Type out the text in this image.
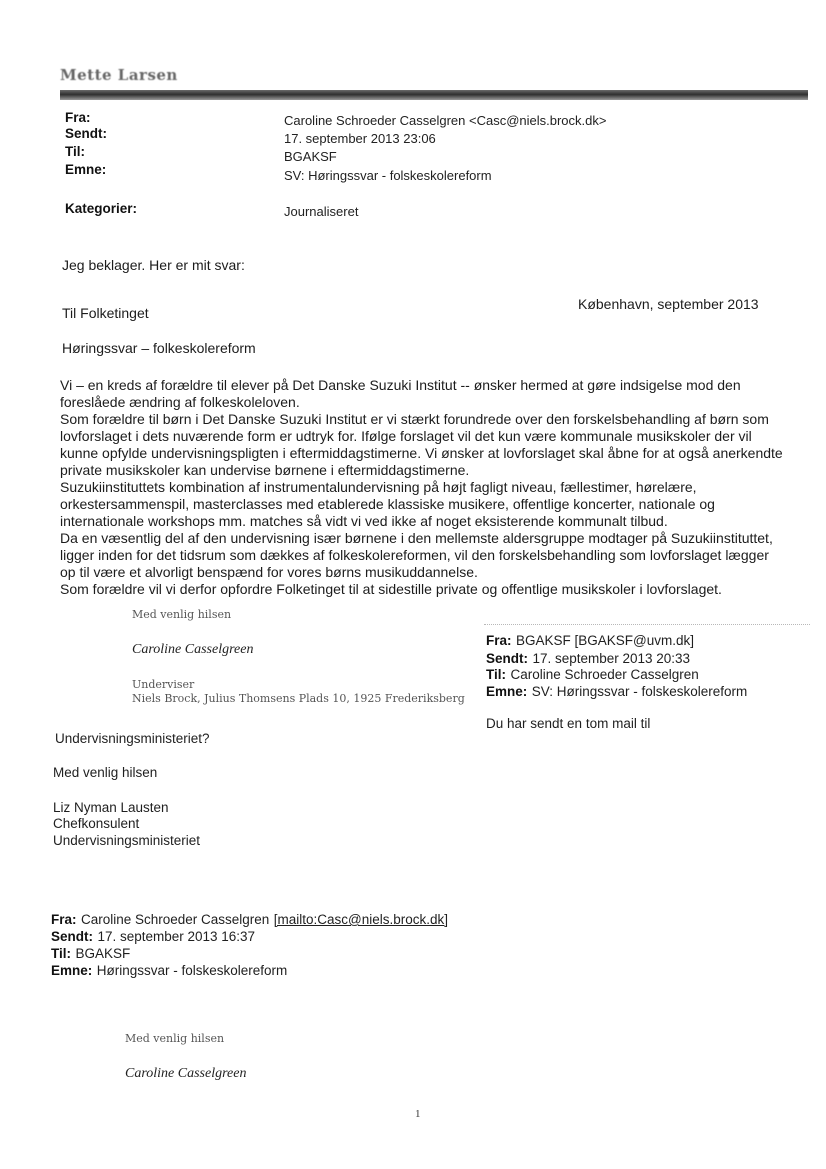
Mette Larsen
Fra:	Caroline Schroeder Casselgren <Casc@niels.brock.dk>
Sendt:	17. september 2013 23:06
Til:	BGAKSF
Emne:	SV: Høringssvar - folskeskolereform
Kategorier:	Journaliseret
Jeg beklager. Her er mit svar:
København, september 2013
Til Folketinget
Høringssvar – folkeskolereform
Vi – en kreds af forældre til elever på Det Danske Suzuki Institut -- ønsker hermed at gøre indsigelse mod den
foreslåede ændring af folkeskoleloven.
Som forældre til børn i Det Danske Suzuki Institut er vi stærkt forundrede over den forskelsbehandling af børn som
lovforslaget i dets nuværende form er udtryk for. Ifølge forslaget vil det kun være kommunale musikskoler der vil
kunne opfylde undervisningspligten i eftermiddagstimerne. Vi ønsker at lovforslaget skal åbne for at også anerkendte
private musikskoler kan undervise børnene i eftermiddagstimerne.
Suzukiinstituttets kombination af instrumentalundervisning på højt fagligt niveau, fællestimer, hørelære,
orkestersammenspil, masterclasses med etablerede klassiske musikere, offentlige koncerter, nationale og
internationale workshops mm. matches så vidt vi ved ikke af noget eksisterende kommunalt tilbud.
Da en væsentlig del af den undervisning især børnene i den mellemste aldersgruppe modtager på Suzukiinstituttet,
ligger inden for det tidsrum som dækkes af folkeskolereformen, vil den forskelsbehandling som lovforslaget lægger
op til være et alvorligt benspænd for vores børns musikuddannelse.
Som forældre vil vi derfor opfordre Folketinget til at sidestille private og offentlige musikskoler i lovforslaget.
Med venlig hilsen
Caroline Casselgreen
Underviser
Niels Brock, Julius Thomsens Plads 10, 1925 Frederiksberg
Fra: BGAKSF [BGAKSF@uvm.dk]
Sendt: 17. september 2013 20:33
Til: Caroline Schroeder Casselgren
Emne: SV: Høringssvar - folskeskolereform
Du har sendt en tom mail til
Undervisningsministeriet?
Med venlig hilsen
Liz Nyman Lausten
Chefkonsulent
Undervisningsministeriet
Fra: Caroline Schroeder Casselgren [mailto:Casc@niels.brock.dk]
Sendt: 17. september 2013 16:37
Til: BGAKSF
Emne: Høringssvar - folskeskolereform
Med venlig hilsen
Caroline Casselgreen
1
